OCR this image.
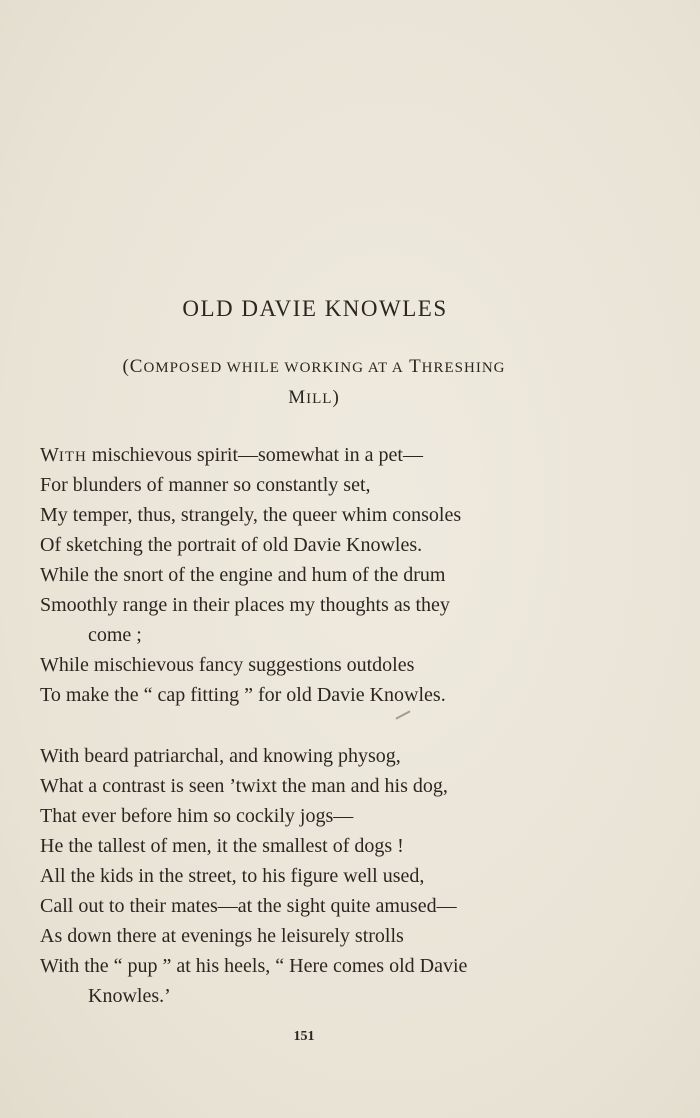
OLD DAVIE KNOWLES
(COMPOSED WHILE WORKING AT A THRESHING
MILL)
WITH mischievous spirit—somewhat in a pet—
For blunders of manner so constantly set,
My temper, thus, strangely, the queer whim consoles
Of sketching the portrait of old Davie Knowles.
While the snort of the engine and hum of the drum
Smoothly range in their places my thoughts as they
come ;
While mischievous fancy suggestions outdoles
To make the “ cap fitting ” for old Davie Knowles.
With beard patriarchal, and knowing physog,
What a contrast is seen ’twixt the man and his dog,
That ever before him so cockily jogs—
He the tallest of men, it the smallest of dogs !
All the kids in the street, to his figure well used,
Call out to their mates—at the sight quite amused—
As down there at evenings he leisurely strolls
With the “ pup ” at his heels, “ Here comes old Davie
Knowles.’
151
